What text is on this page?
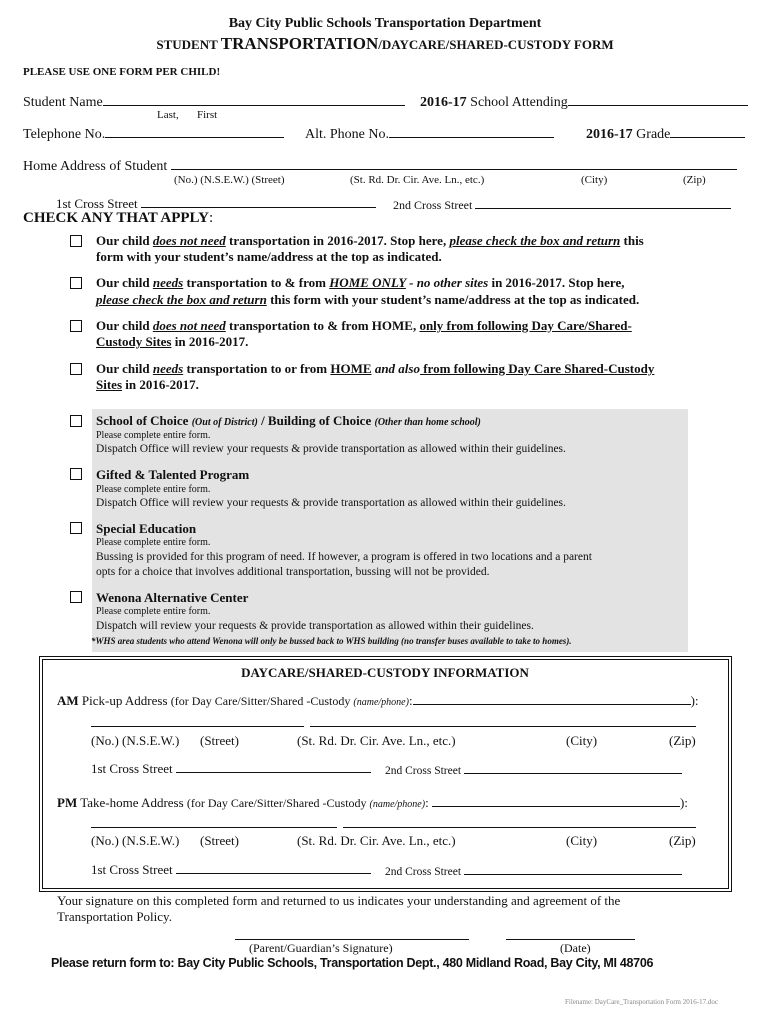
Bay City Public Schools Transportation Department
STUDENT TRANSPORTATION/DAYCARE/SHARED-CUSTODY FORM
PLEASE USE ONE FORM PER CHILD!
Student Name	2016-17 School Attending
Last, First
Telephone No.	Alt. Phone No.	2016-17 Grade
Home Address of Student
(No.) (N.S.E.W.) (Street)	(St. Rd. Dr. Cir. Ave. Ln., etc.)	(City)	(Zip)
1st Cross Street	2nd Cross Street
CHECK ANY THAT APPLY:
Our child does not need transportation in 2016-2017. Stop here, please check the box and return this
form with your student’s name/address at the top as indicated.
Our child needs transportation to & from HOME ONLY - no other sites in 2016-2017. Stop here,
please check the box and return this form with your student’s name/address at the top as indicated.
Our child does not need transportation to & from HOME, only from following Day Care/Shared-
Custody Sites in 2016-2017.
Our child needs transportation to or from HOME and also from following Day Care Shared-Custody
Sites in 2016-2017.
School of Choice (Out of District) / Building of Choice (Other than home school)
Please complete entire form.
Dispatch Office will review your requests & provide transportation as allowed within their guidelines.
Gifted & Talented Program
Please complete entire form.
Dispatch Office will review your requests & provide transportation as allowed within their guidelines.
Special Education
Please complete entire form.
Bussing is provided for this program of need. If however, a program is offered in two locations and a parent
opts for a choice that involves additional transportation, bussing will not be provided.
Wenona Alternative Center
Please complete entire form.
Dispatch will review your requests & provide transportation as allowed within their guidelines.
*WHS area students who attend Wenona will only be bussed back to WHS building (no transfer buses available to take to homes).
DAYCARE/SHARED-CUSTODY INFORMATION
AM Pick-up Address (for Day Care/Sitter/Shared -Custody (name/phone):	):
(No.) (N.S.E.W.) (Street)	(St. Rd. Dr. Cir. Ave. Ln., etc.)	(City)	(Zip)
1st Cross Street	2nd Cross Street
PM Take-home Address (for Day Care/Sitter/Shared -Custody (name/phone):	):
(No.) (N.S.E.W.) (Street)	(St. Rd. Dr. Cir. Ave. Ln., etc.)	(City)	(Zip)
1st Cross Street	2nd Cross Street
Your signature on this completed form and returned to us indicates your understanding and agreement of the
Transportation Policy.
(Parent/Guardian’s Signature)	(Date)
Please return form to: Bay City Public Schools, Transportation Dept., 480 Midland Road, Bay City, MI 48706
Filename: DayCare_Transportation Form 2016-17.doc
